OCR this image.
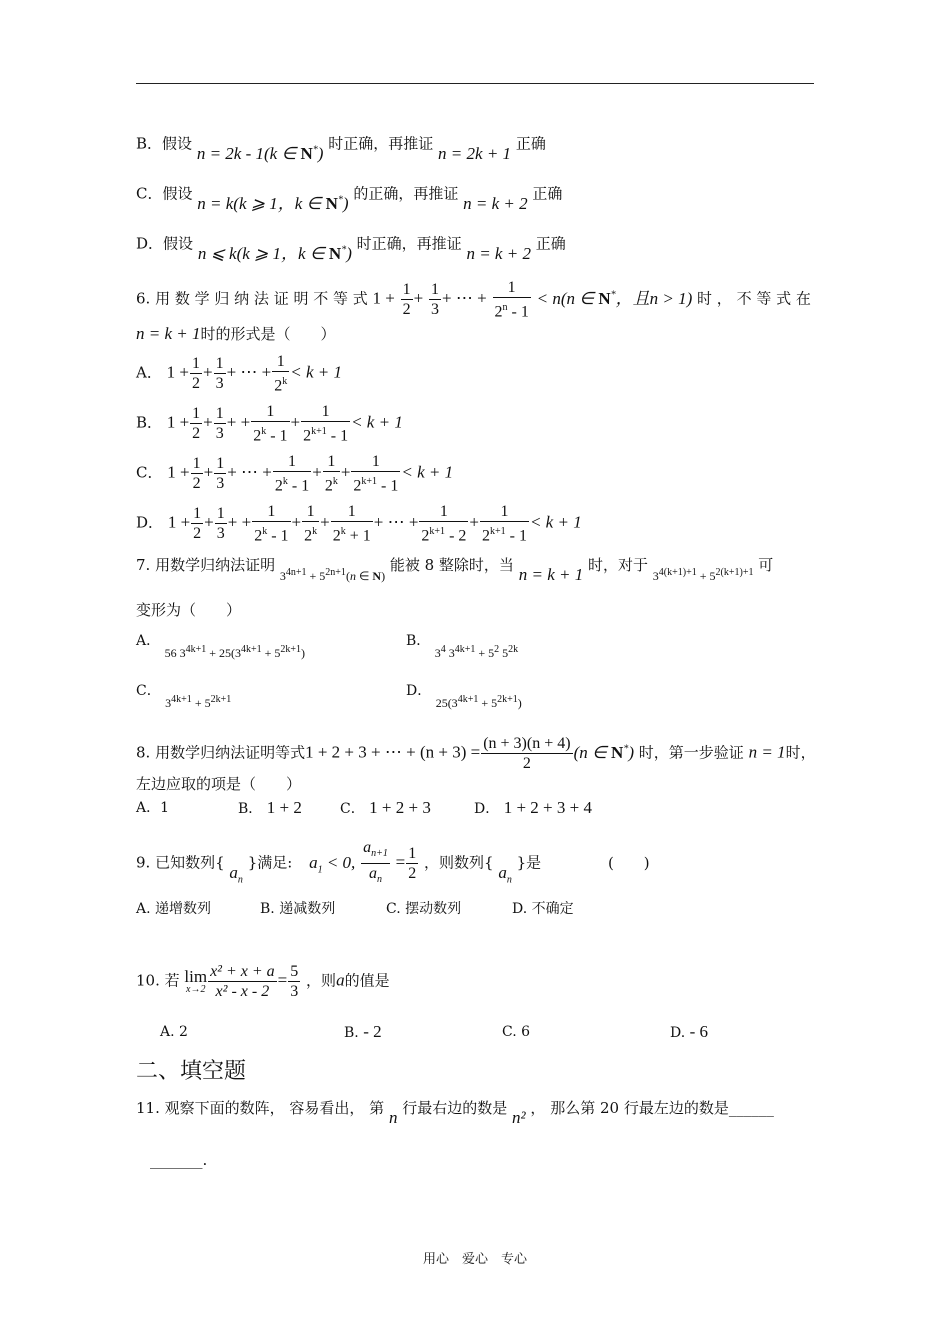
B．假设 n = 2k - 1(k ∈ N*) 时正确，再推证 n = 2k + 1 正确
C．假设 n = k(k ⩾ 1，k ∈ N*) 的正确，再推证 n = k + 2 正确
D．假设 n ⩽ k(k ⩾ 1，k ∈ N*) 时正确，再推证 n = k + 2 正确
6. 用 数 学 归 纳 法 证 明 不 等 式 $1 + \frac{1}{2} + \frac{1}{3}$ + ⋯ + $\frac{1}{2^n - 1} < n(n$ ∈ N*，且n > 1) 时 ， 不 等 式 在
n = k + 1时的形式是（　　）
A． $1 + \frac{1}{2} + \frac{1}{3}$ + ⋯ + $\frac{1}{2^k} < k + 1$
B． $1 + \frac{1}{2} + \frac{1}{3}$ + + $\frac{1}{2^k - 1} + \frac{1}{2^{k+1} - 1} < k + 1$
C． $1 + \frac{1}{2} + \frac{1}{3}$ + ⋯ + $\frac{1}{2^k - 1} + \frac{1}{2^k} + \frac{1}{2^{k+1} - 1} < k + 1$
D． $1 + \frac{1}{2} + \frac{1}{3}$ + + $\frac{1}{2^k - 1} + \frac{1}{2^k} + \frac{1}{2^k + 1}$ + ⋯ + $\frac{1}{2^{k+1} - 2} + \frac{1}{2^{k+1} - 1} < k + 1$
7. 用数学归纳法证明 $_{3^{4n+1} + 5^{2n+1}(n \in N)}$ 能被 8 整除时，当 n = k + 1 时，对于 $_{3^{4(k+1)+1} + 5^{2(k+1)+1}}$ 可
变形为（　　）
A． 56 $3^{4k+1} + 25(3^{4k+1} + 5^{2k+1})$
B． $3^4$ $3^{4k+1} + 5^2$ $5^{2k}$
C． $3^{4k+1} + 5^{2k+1}$
D． $25(3^{4k+1} + 5^{2k+1})$
8. 用数学归纳法证明等式1 + 2 + 3 + ⋯ + $(n + 3) = \frac{(n + 3)(n + 4)}{2} (n$ ∈ N*) 时，第一步验证 n = 1时，
左边应取的项是（　　）
A．1	B． 1 + 2	C． 1 + 2 + 3	D． 1 + 2 + 3 + 4
9. 已知数列{ $a_n$ }满足: $a_1 < 0$, $\frac{a_{n+1}}{a_n} = \frac{1}{2}$ ，则数列{ $a_n$ }是	(　　)
A. 递增数列	B. 递减数列	C. 摆动数列	D. 不确定
10. 若 lim
$x\to 2 \frac{\text{x² + x + a}}{\text{x² - x - 2}} = \frac{5}{3}$ ，则a的值是
A. 2	B. - 2	C. 6	D. - 6
二、填空题
11. 观察下面的数阵， 容易看出， 第 n 行最右边的数是 n² ， 那么第 20 行最左边的数是______
_______.
用心　爱心　专心
